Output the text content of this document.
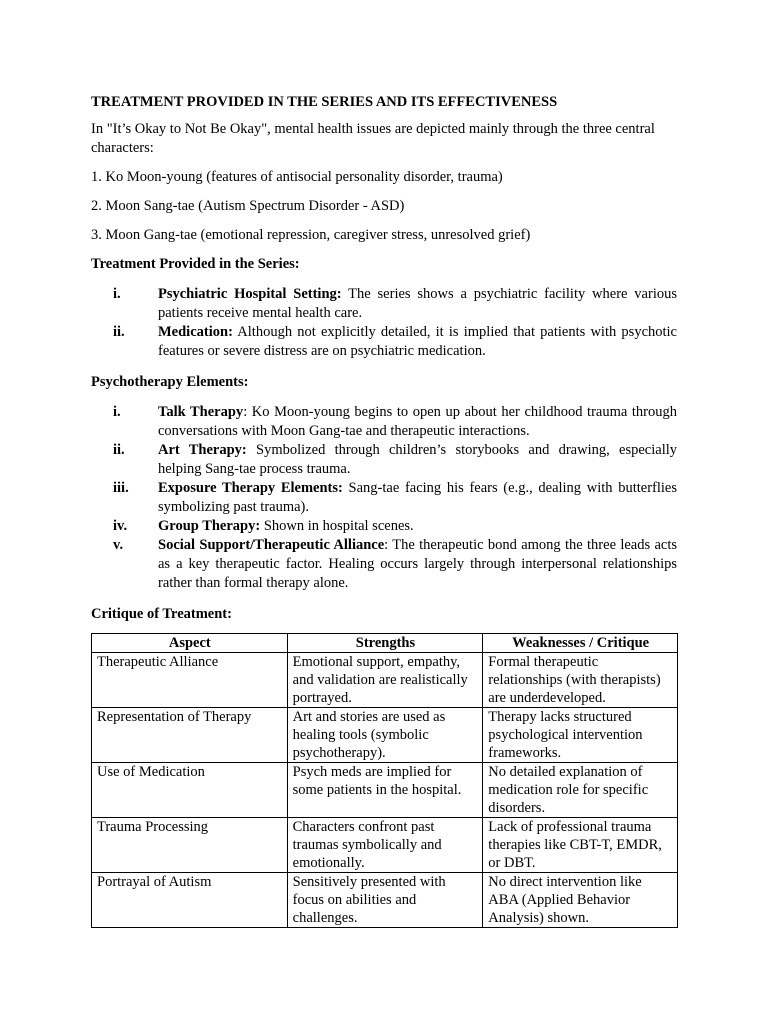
TREATMENT PROVIDED IN THE SERIES AND ITS EFFECTIVENESS

In "It’s Okay to Not Be Okay", mental health issues are depicted mainly through the three central characters:

1. Ko Moon-young (features of antisocial personality disorder, trauma)

2. Moon Sang-tae (Autism Spectrum Disorder - ASD)

3. Moon Gang-tae (emotional repression, caregiver stress, unresolved grief)

Treatment Provided in the Series:
i.	Psychiatric Hospital Setting: The series shows a psychiatric facility where various patients receive mental health care.
ii. Medication: Although not explicitly detailed, it is implied that patients with psychotic features or severe distress are on psychiatric medication.
Psychotherapy Elements:
i.	Talk Therapy: Ko Moon-young begins to open up about her childhood trauma through conversations with Moon Gang-tae and therapeutic interactions.
ii. Art Therapy: Symbolized through children’s storybooks and drawing, especially helping Sang-tae process trauma.
iii. Exposure Therapy Elements: Sang-tae facing his fears (e.g., dealing with butterflies symbolizing past trauma).
iv. Group Therapy: Shown in hospital scenes.
v. Social Support/Therapeutic Alliance: The therapeutic bond among the three leads acts as a key therapeutic factor. Healing occurs largely through interpersonal relationships rather than formal therapy alone.
Critique of Treatment:
Aspect	Strengths	Weaknesses / Critique
Therapeutic Alliance	Emotional support, empathy, and validation are realistically portrayed.	Formal therapeutic relationships (with therapists) are underdeveloped.
Representation of Therapy	Art and stories are used as healing tools (symbolic psychotherapy).	Therapy lacks structured psychological intervention frameworks.
Use of Medication	Psych meds are implied for some patients in the hospital.	No detailed explanation of medication role for specific disorders.
Trauma Processing	Characters confront past traumas symbolically and emotionally.	Lack of professional trauma therapies like CBT-T, EMDR, or DBT.
Portrayal of Autism	Sensitively presented with focus on abilities and challenges.	No direct intervention like ABA (Applied Behavior Analysis) shown.
